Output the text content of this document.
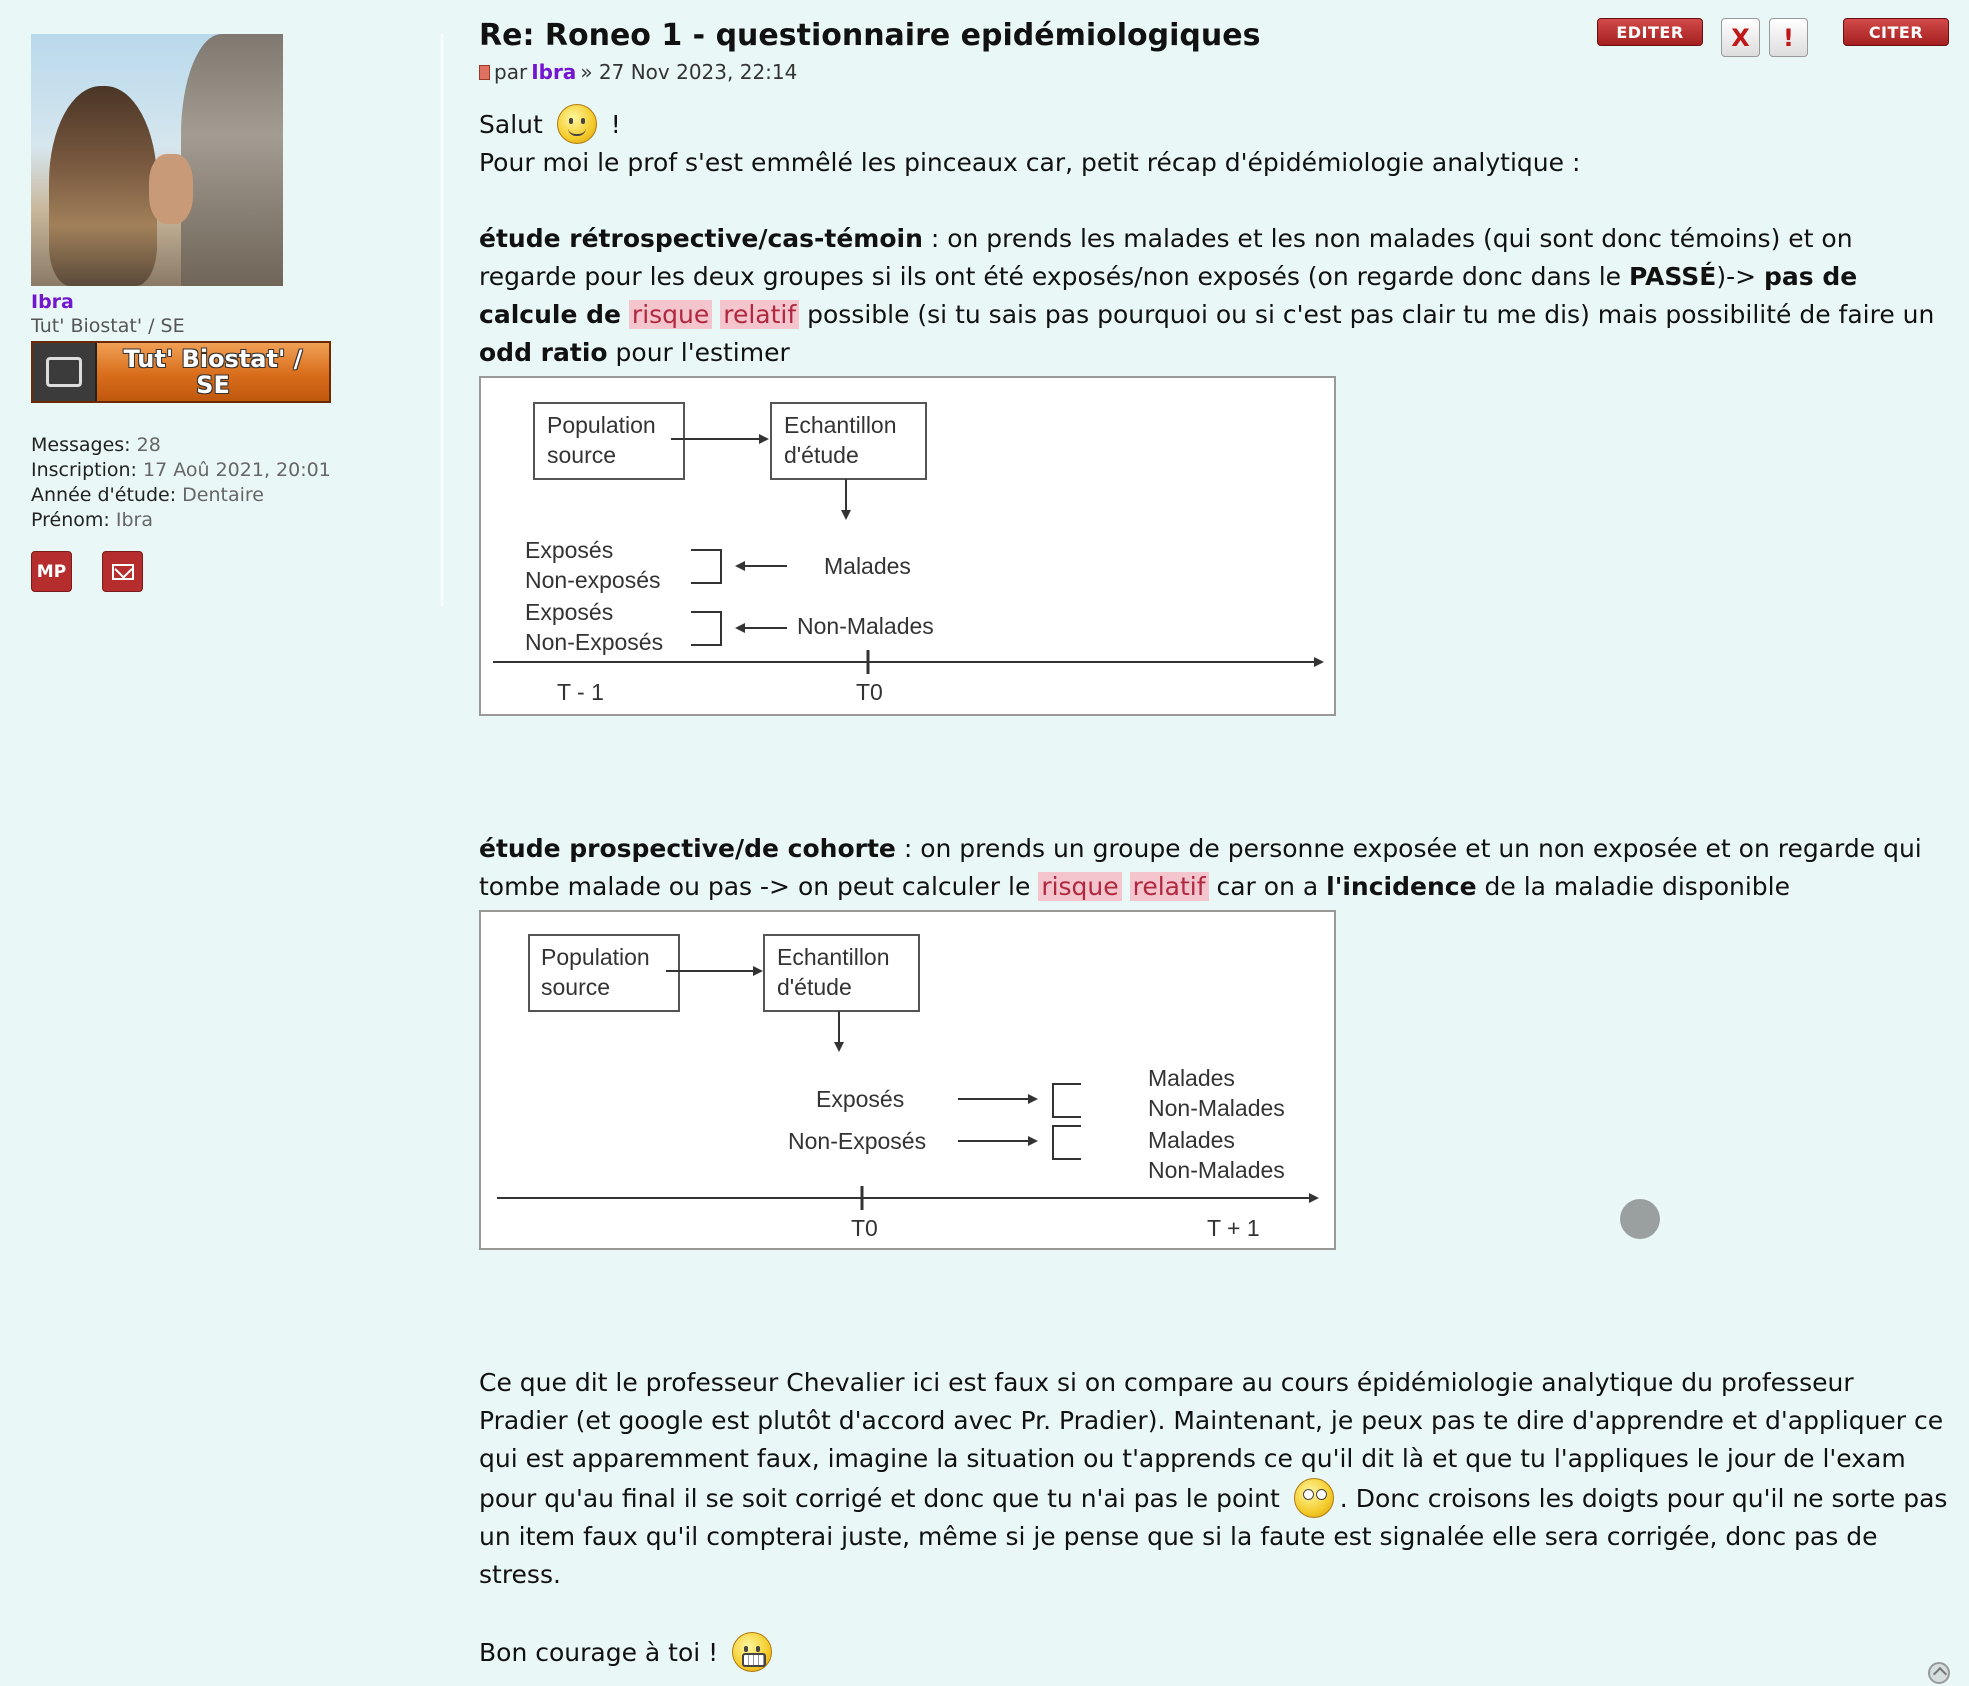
Ibra
Tut' Biostat' / SE
Tut' Biostat' / SE
Messages: 28
Inscription: 17 Aoû 2021, 20:01
Année d'étude: Dentaire
Prénom: Ibra
MP
Re: Roneo 1 - questionnaire epidémiologiques
par Ibra » 27 Nov 2023, 22:14

Salut	!

Pour moi le prof s'est emmêlé les pinceaux car, petit récap d'épidémiologie analytique :

étude rétrospective/cas-témoin : on prends les malades et les non malades (qui sont donc témoins) et on regarde pour les deux groupes si ils ont été exposés/non exposés (on regarde donc dans le PASSÉ)-> pas de calcule de risque relatif possible (si tu sais pas pourquoi ou si c'est pas clair tu me dis) mais possibilité de faire un odd ratio pour l'estimer

Population
source
Echantillon
d'étude
Exposés
Non-exposés
Exposés
Non-Exposés
Malades
Non-Malades
T - 1	T0

étude prospective/de cohorte : on prends un groupe de personne exposée et un non exposée et on regarde qui tombe malade ou pas -> on peut calculer le risque relatif car on a l'incidence de la maladie disponible

Population
source
Echantillon
d'étude
Exposés
Non-Exposés
Malades
Non-Malades
Malades
Non-Malades
T0	T + 1

Ce que dit le professeur Chevalier ici est faux si on compare au cours épidémiologie analytique du professeur Pradier (et google est plutôt d'accord avec Pr. Pradier). Maintenant, je peux pas te dire d'apprendre et d'appliquer ce qui est apparemment faux, imagine la situation ou t'apprends ce qu'il dit là et que tu l'appliques le jour de l'exam pour qu'au final il se soit corrigé et donc que tu n'ai pas le point . Donc croisons les doigts pour qu'il ne sorte pas un item faux qu'il compterai juste, même si je pense que si la faute est signalée elle sera corrigée, donc pas de stress.

Bon courage à toi !

EDITER	X !	CITER
